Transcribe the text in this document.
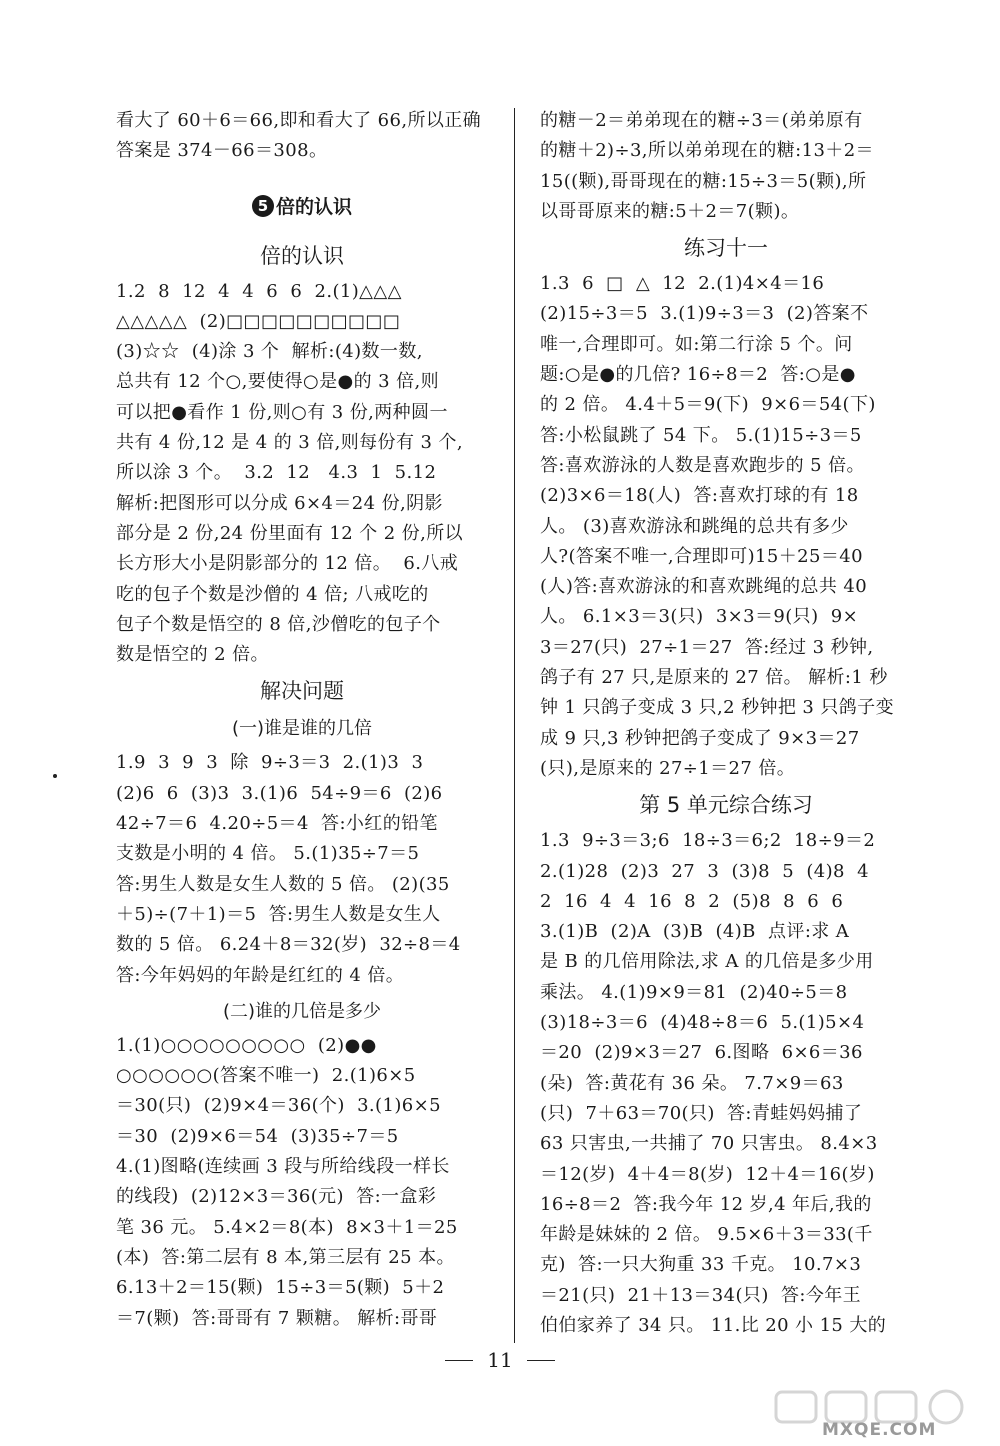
看大了 60＋6＝66,即和看大了 66,所以正确
答案是 374－66＝308。

5 倍的认识
倍的认识

1.2  8  12  4  4  6  6  2.(1)△△△
△△△△△  (2)□□□□□□□□□□
(3)☆☆  (4)涂 3 个  解析:(4)数一数,
总共有 12 个○,要使得○是●的 3 倍,则
可以把●看作 1 份,则○有 3 份,两种圆一
共有 4 份,12 是 4 的 3 倍,则每份有 3 个,
所以涂 3 个。  3.2  12   4.3  1  5.12
解析:把图形可以分成 6×4＝24 份,阴影
部分是 2 份,24 份里面有 12 个 2 份,所以
长方形大小是阴影部分的 12 倍。  6.八戒
吃的包子个数是沙僧的 4 倍; 八戒吃的
包子个数是悟空的 8 倍,沙僧吃的包子个
数是悟空的 2 倍。

解决问题
(一)谁是谁的几倍

1.9  3  9  3  除  9÷3＝3  2.(1)3  3
(2)6  6  (3)3  3.(1)6  54÷9＝6  (2)6
42÷7＝6  4.20÷5＝4  答:小红的铅笔
支数是小明的 4 倍。 5.(1)35÷7＝5
答:男生人数是女生人数的 5 倍。 (2)(35
＋5)÷(7＋1)＝5  答:男生人数是女生人
数的 5 倍。 6.24＋8＝32(岁)  32÷8＝4
答:今年妈妈的年龄是红红的 4 倍。

(二)谁的几倍是多少

1.(1)○○○○○○○○○  (2)●●
○○○○○○(答案不唯一)  2.(1)6×5
＝30(只)  (2)9×4＝36(个)  3.(1)6×5
＝30  (2)9×6＝54  (3)35÷7＝5
4.(1)图略(连续画 3 段与所给线段一样长
的线段)  (2)12×3＝36(元)  答:一盒彩
笔 36 元。 5.4×2＝8(本)  8×3＋1＝25
(本)  答:第二层有 8 本,第三层有 25 本。
6.13＋2＝15(颗)  15÷3＝5(颗)  5＋2
＝7(颗)  答:哥哥有 7 颗糖。 解析:哥哥

的糖－2＝弟弟现在的糖÷3＝(弟弟原有
的糖＋2)÷3,所以弟弟现在的糖:13＋2＝
15((颗),哥哥现在的糖:15÷3＝5(颗),所
以哥哥原来的糖:5＋2＝7(颗)。

练习十一

1.3  6  □  △  12  2.(1)4×4＝16
(2)15÷3＝5  3.(1)9÷3＝3  (2)答案不
唯一,合理即可。如:第二行涂 5 个。问
题:○是●的几倍? 16÷8＝2  答:○是●
的 2 倍。 4.4＋5＝9(下)  9×6＝54(下)
答:小松鼠跳了 54 下。 5.(1)15÷3＝5
答:喜欢游泳的人数是喜欢跑步的 5 倍。
(2)3×6＝18(人)  答:喜欢打球的有 18
人。 (3)喜欢游泳和跳绳的总共有多少
人?(答案不唯一,合理即可)15＋25＝40
(人)答:喜欢游泳的和喜欢跳绳的总共 40
人。 6.1×3＝3(只)  3×3＝9(只)  9×
3＝27(只)  27÷1＝27  答:经过 3 秒钟,
鸽子有 27 只,是原来的 27 倍。 解析:1 秒
钟 1 只鸽子变成 3 只,2 秒钟把 3 只鸽子变
成 9 只,3 秒钟把鸽子变成了 9×3＝27
(只),是原来的 27÷1＝27 倍。

第 5 单元综合练习

1.3  9÷3＝3;6  18÷3＝6;2  18÷9＝2
2.(1)28  (2)3  27  3  (3)8  5  (4)8  4
2  16  4  4  16  8  2  (5)8  8  6  6
3.(1)B  (2)A  (3)B  (4)B  点评:求 A
是 B 的几倍用除法,求 A 的几倍是多少用
乘法。 4.(1)9×9＝81  (2)40÷5＝8
(3)18÷3＝6  (4)48÷8＝6  5.(1)5×4
＝20  (2)9×3＝27  6.图略  6×6＝36
(朵)  答:黄花有 36 朵。 7.7×9＝63
(只)  7＋63＝70(只)  答:青蛙妈妈捕了
63 只害虫,一共捕了 70 只害虫。 8.4×3
＝12(岁)  4＋4＝8(岁)  12＋4＝16(岁)
16÷8＝2  答:我今年 12 岁,4 年后,我的
年龄是妹妹的 2 倍。 9.5×6＋3＝33(千
克)  答:一只大狗重 33 千克。 10.7×3
＝21(只)  21＋13＝34(只)  答:今年王
伯伯家养了 34 只。 11.比 20 小 15 大的

11
MXQE.COM
